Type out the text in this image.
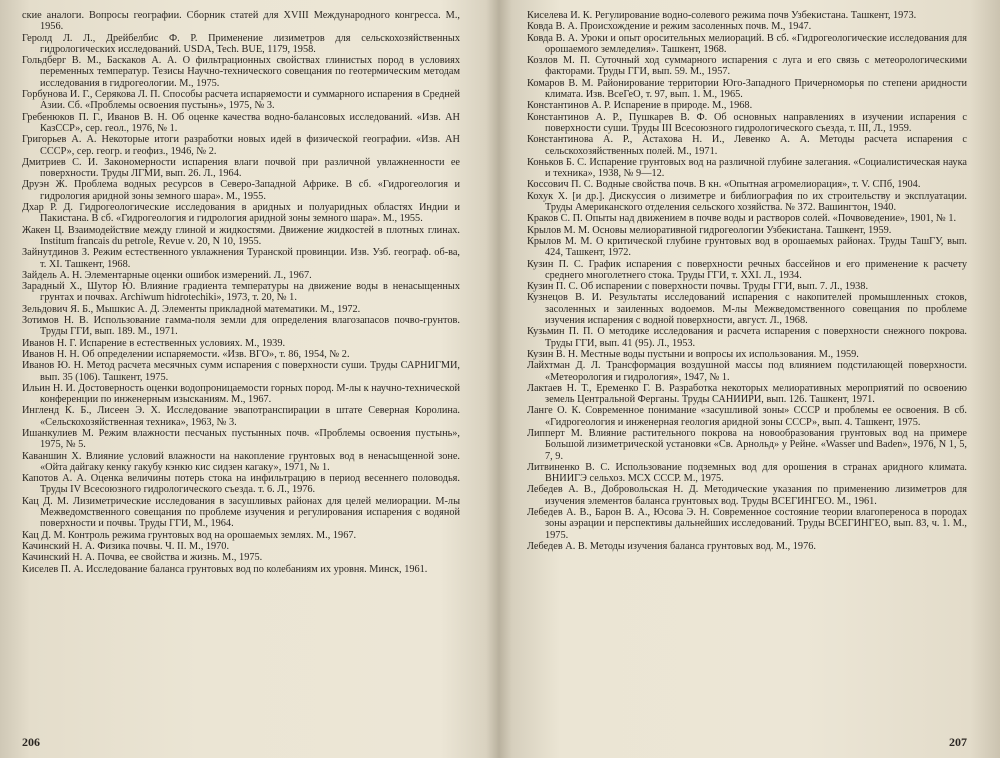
ские аналоги. Вопросы географии. Сборник статей для XVIII Международного конгресса. М., 1956.

Геролд Л. Л., Дрейбелбис Ф. Р. Применение лизиметров для сельскохозяйственных гидрологических исследований. USDA, Tech. BUE, 1179, 1958.

Гольдберг В. М., Баскаков А. А. О фильтрационных свойствах глинистых пород в условиях переменных температур. Тезисы Научно-технического совещания по геотермическим методам исследования в гидрогеологии. М., 1975.

Горбунова И. Г., Серякова Л. П. Способы расчета испаряемости и суммарного испарения в Средней Азии. Сб. «Проблемы освоения пустынь», 1975, № 3.

Гребенюков П. Г., Иванов В. Н. Об оценке качества водно-балансовых исследований. «Изв. АН КазССР», сер. геол., 1976, № 1.

Григорьев А. А. Некоторые итоги разработки новых идей в физической географии. «Изв. АН СССР», сер. геогр. и геофиз., 1946, № 2.

Дмитриев С. И. Закономерности испарения влаги почвой при различной увлажненности ее поверхности. Труды ЛГМИ, вып. 26. Л., 1964.

Друэн Ж. Проблема водных ресурсов в Северо-Западной Африке. В сб. «Гидрогеология и гидрология аридной зоны земного шара». М., 1955.

Дхар Р. Д. Гидрогеологические исследования в аридных и полуаридных областях Индии и Пакистана. В сб. «Гидрогеология и гидрология аридной зоны земного шара». М., 1955.

Жакен Ц. Взаимодействие между глиной и жидкостями. Движение жидкостей в плотных глинах. Institum francais du petrole, Revue v. 20, N 10, 1955.

Зайнутдинов З. Режим естественного увлажнения Туранской провинции. Изв. Узб. географ. об-ва, т. XI. Ташкент, 1968.

Зайдель А. Н. Элементарные оценки ошибок измерений. Л., 1967.

Зарадный Х., Шутор Ю. Влияние градиента температуры на движение воды в ненасыщенных грунтах и почвах. Archiwum hidrotechiki», 1973, т. 20, № 1.

Зельдович Я. Б., Мышкис А. Д. Элементы прикладной математики. М., 1972.

Зотимов Н. В. Использование гамма-поля земли для определения влагозапасов почво-грунтов. Труды ГГИ, вып. 189. М., 1971.

Иванов Н. Г. Испарение в естественных условиях. М., 1939.

Иванов Н. Н. Об определении испаряемости. «Изв. ВГО», т. 86, 1954, № 2.

Иванов Ю. Н. Метод расчета месячных сумм испарения с поверхности суши. Труды САРНИГМИ, вып. 35 (106). Ташкент, 1975.

Ильин Н. И. Достоверность оценки водопроницаемости горных пород. М-лы к научно-технической конференции по инженерным изысканиям. М., 1967.

Ингленд К. Б., Лисеен Э. Х. Исследование эвапотранспирации в штате Северная Королина. «Сельскохозяйственная техника», 1963, № 3.

Ишанкулиев М. Режим влажности песчаных пустынных почв. «Проблемы освоения пустынь», 1975, № 5.

Каваншин Х. Влияние условий влажности на накопление грунтовых вод в ненасыщенной зоне. «Ойта дайгаку кенку гакубу кэнкю кис сидзен кагаку», 1971, № 1.

Капотов А. А. Оценка величины потерь стока на инфильтрацию в период весеннего половодья. Труды IV Всесоюзного гидрологического съезда. т. 6. Л., 1976.

Кац Д. М. Лизиметрические исследования в засушливых районах для целей мелиорации. М-лы Межведомственного совещания по проблеме изучения и регулирования испарения с водяной поверхности и почвы. Труды ГГИ, М., 1964.

Кац Д. М. Контроль режима грунтовых вод на орошаемых землях. М., 1967.

Качинский Н. А. Физика почвы. Ч. II. М., 1970.

Качинский Н. А. Почва, ее свойства и жизнь. М., 1975.

Киселев П. А. Исследование баланса грунтовых вод по колебаниям их уровня. Минск, 1961.

206

Киселева И. К. Регулирование водно-солевого режима почв Узбекистана. Ташкент, 1973.

Ковда В. А. Происхождение и режим засоленных почв. М., 1947.

Ковда В. А. Уроки и опыт оросительных мелиораций. В сб. «Гидрогеологические исследования для орошаемого земледелия». Ташкент, 1968.

Козлов М. П. Суточный ход суммарного испарения с луга и его связь с метеорологическими факторами. Труды ГГИ, вып. 59. М., 1957.

Комаров В. М. Районирование территории Юго-Западного Причерноморья по степени аридности климата. Изв. ВсеГеО, т. 97, вып. 1. М., 1965.

Константинов А. Р. Испарение в природе. М., 1968.

Константинов А. Р., Пушкарев В. Ф. Об основных направлениях в изучении испарения с поверхности суши. Труды III Всесоюзного гидрологического съезда, т. III, Л., 1959.

Константинова А. Р., Астахова Н. И., Левенко А. А. Методы расчета испарения с сельскохозяйственных полей. М., 1971.

Коньков Б. С. Испарение грунтовых вод на различной глубине залегания. «Социалистическая наука и техника», 1938, № 9—12.

Коссович П. С. Водные свойства почв. В кн. «Опытная агромелиорация», т. V. СПб, 1904.

Кохук Х. [и др.]. Дискуссия о лизиметре и библиография по их строительству и эксплуатации. Труды Американского отделения сельского хозяйства. № 372. Вашингтон, 1940.

Краков С. П. Опыты над движением в почве воды и растворов солей. «Почвоведение», 1901, № 1.

Крылов М. М. Основы мелиоративной гидрогеологии Узбекистана. Ташкент, 1959.

Крылов М. М. О критической глубине грунтовых вод в орошаемых районах. Труды ТашГУ, вып. 424, Ташкент, 1972.

Кузин П. С. График испарения с поверхности речных бассейнов и его применение к расчету среднего многолетнего стока. Труды ГГИ, т. XXI. Л., 1934.

Кузин П. С. Об испарении с поверхности почвы. Труды ГГИ, вып. 7. Л., 1938.

Кузнецов В. И. Результаты исследований испарения с накопителей промышленных стоков, засоленных и заиленных водоемов. М-лы Межведомственного совещания по проблеме изучения испарения с водной поверхности, август. Л., 1968.

Кузьмин П. П. О методике исследования и расчета испарения с поверхности снежного покрова. Труды ГГИ, вып. 41 (95). Л., 1953.

Кузин В. Н. Местные воды пустыни и вопросы их использования. М., 1959.

Лайхтман Д. Л. Трансформация воздушной массы под влиянием подстилающей поверхности. «Метеорология и гидрология», 1947, № 1.

Лактаев Н. Т., Еременко Г. В. Разработка некоторых мелиоративных мероприятий по освоению земель Центральной Ферганы. Труды САНИИРИ, вып. 126. Ташкент, 1971.

Ланге О. К. Современное понимание «засушливой зоны» СССР и проблемы ее освоения. В сб. «Гидрогеология и инженерная геология аридной зоны СССР», вып. 4. Ташкент, 1975.

Липперт М. Влияние растительного покрова на новообразования грунтовых вод на примере Большой лизиметрической установки «Св. Арнольд» у Рейне. «Wasser und Baden», 1976, N 1, 5, 7, 9.

Литвиненко В. С. Использование подземных вод для орошения в странах аридного климата. ВНИИГЭ сельхоз. МСХ СССР. М., 1975.

Лебедев А. В., Добровольская Н. Д. Методические указания по применению лизиметров для изучения элементов баланса грунтовых вод. Труды ВСЕГИНГЕО. М., 1961.

Лебедев А. В., Барон В. А., Юсова Э. Н. Современное состояние теории влагопереноса в породах зоны аэрации и перспективы дальнейших исследований. Труды ВСЕГИНГЕО, вып. 83, ч. 1. М., 1975.

Лебедев А. В. Методы изучения баланса грунтовых вод. М., 1976.

207
